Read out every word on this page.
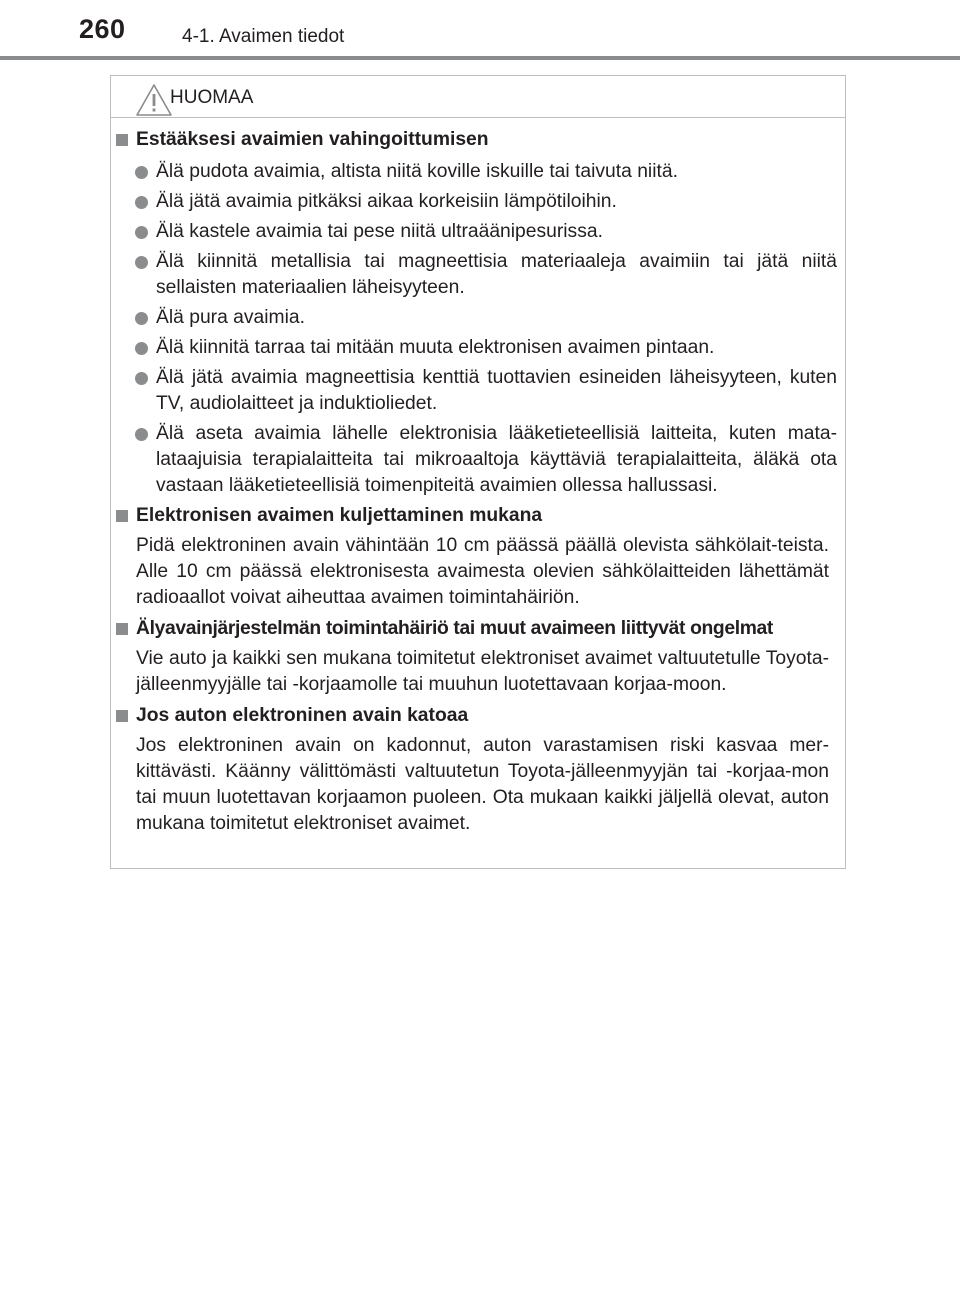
260	4-1. Avaimen tiedot
HUOMAA
Estääksesi avaimien vahingoittumisen
Älä pudota avaimia, altista niitä koville iskuille tai taivuta niitä.
Älä jätä avaimia pitkäksi aikaa korkeisiin lämpötiloihin.
Älä kastele avaimia tai pese niitä ultraäänipesurissa.
Älä kiinnitä metallisia tai magneettisia materiaaleja avaimiin tai jätä niitä sellaisten materiaalien läheisyyteen.
Älä pura avaimia.
Älä kiinnitä tarraa tai mitään muuta elektronisen avaimen pintaan.
Älä jätä avaimia magneettisia kenttiä tuottavien esineiden läheisyyteen, kuten TV, audiolaitteet ja induktioliedet.
Älä aseta avaimia lähelle elektronisia lääketieteellisiä laitteita, kuten mata-lataajuisia terapialaitteita tai mikroaaltoja käyttäviä terapialaitteita, äläkä ota vastaan lääketieteellisiä toimenpiteitä avaimien ollessa hallussasi.
Elektronisen avaimen kuljettaminen mukana
Pidä elektroninen avain vähintään 10 cm päässä päällä olevista sähkölait-teista. Alle 10 cm päässä elektronisesta avaimesta olevien sähkölaitteiden lähettämät radioaallot voivat aiheuttaa avaimen toimintahäiriön.
Älyavainjärjestelmän toimintahäiriö tai muut avaimeen liittyvät ongelmat
Vie auto ja kaikki sen mukana toimitetut elektroniset avaimet valtuutetulle Toyota-jälleenmyyjälle tai -korjaamolle tai muuhun luotettavaan korjaa-moon.
Jos auton elektroninen avain katoaa
Jos elektroninen avain on kadonnut, auton varastamisen riski kasvaa mer-kittävästi. Käänny välittömästi valtuutetun Toyota-jälleenmyyjän tai -korjaa-mon tai muun luotettavan korjaamon puoleen. Ota mukaan kaikki jäljellä olevat, auton mukana toimitetut elektroniset avaimet.
